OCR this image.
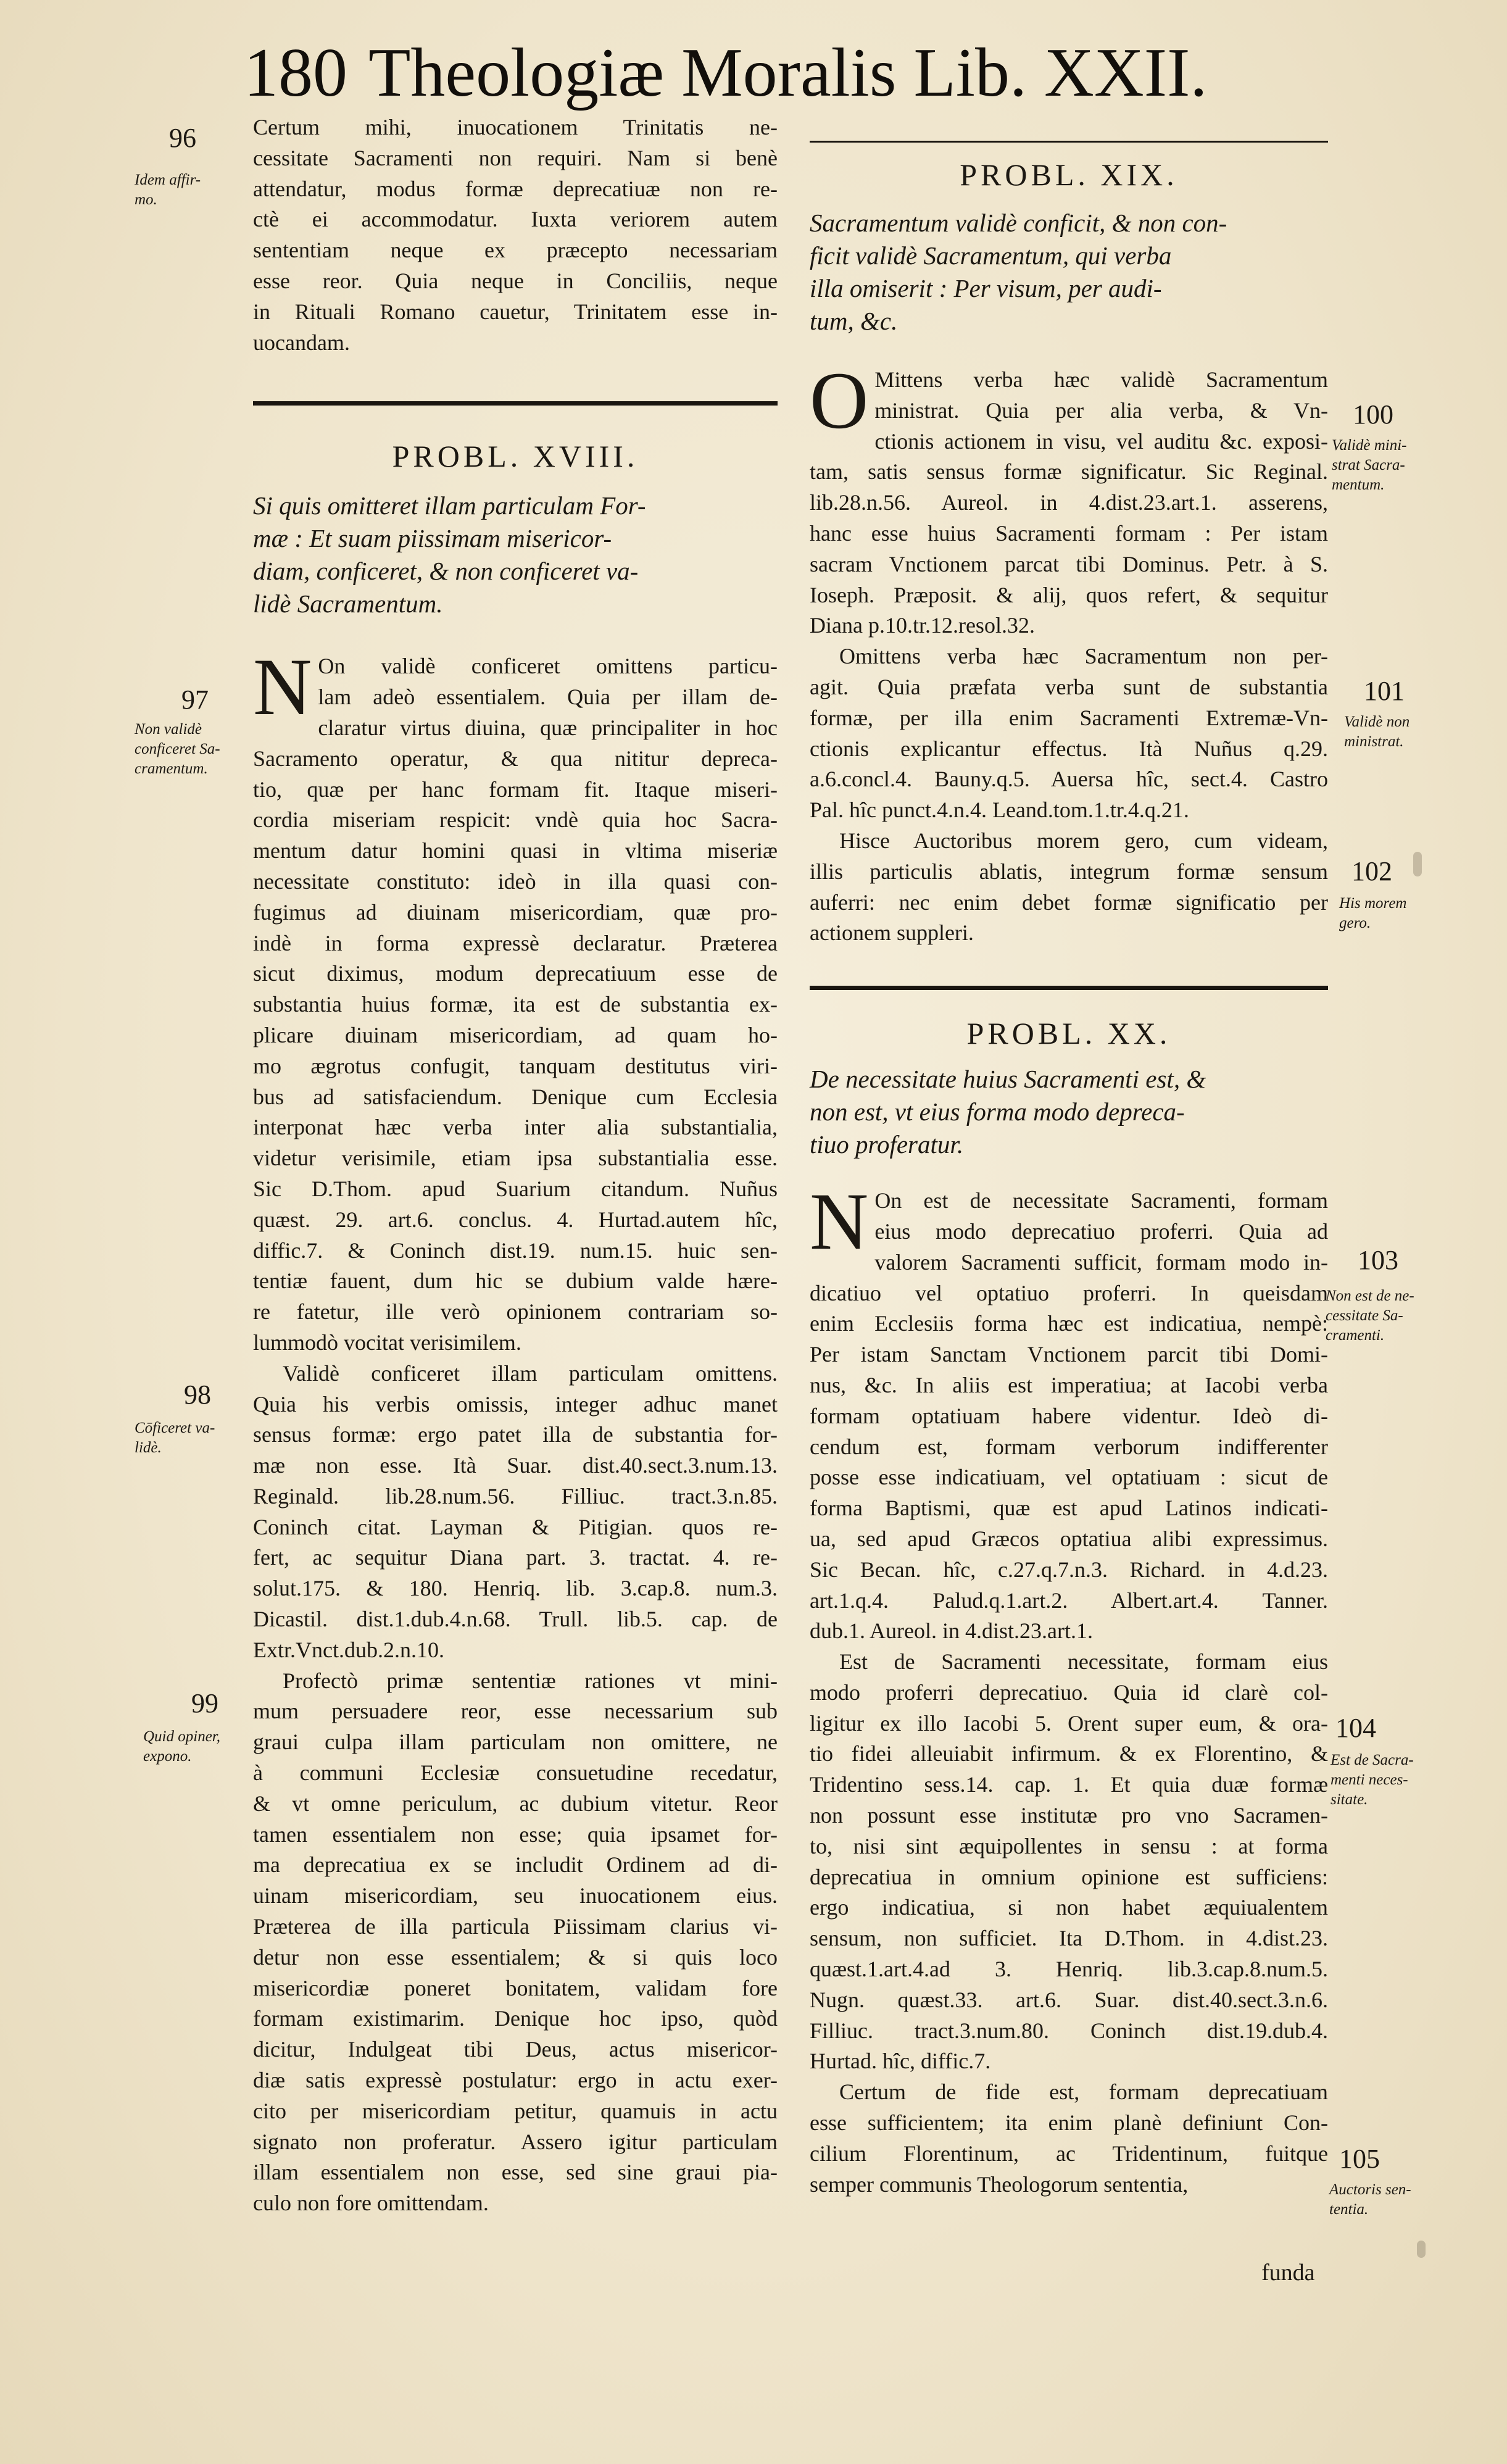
180 Theologiæ Moralis Lib. XXII.
Certum mihi, inuocationem Trinitatis ne-
cessitate Sacramenti non requiri. Nam si benè
attendatur, modus formæ deprecatiuæ non re-
ctè ei accommodatur. Iuxta veriorem autem
sententiam neque ex præcepto necessariam
esse reor. Quia neque in Conciliis, neque
in Rituali Romano cauetur, Trinitatem esse in-
uocandam.
PROBL. XVIII.
Si quis omitteret illam particulam For-
mæ : Et suam piissimam misericor-
diam, conficeret, & non conficeret va-
lidè Sacramentum.
N On validè conficeret omittens particu-
lam adeò essentialem. Quia per illam de-
claratur virtus diuina, quæ principaliter in hoc
Sacramento operatur, & qua nititur depreca-
tio, quæ per hanc formam fit. Itaque miseri-
cordia miseriam respicit: vndè quia hoc Sacra-
mentum datur homini quasi in vltima miseriæ
necessitate constituto: ideò in illa quasi con-
fugimus ad diuinam misericordiam, quæ pro-
indè in forma expressè declaratur. Præterea
sicut diximus, modum deprecatiuum esse de
substantia huius formæ, ita est de substantia ex-
plicare diuinam misericordiam, ad quam ho-
mo ægrotus confugit, tanquam destitutus viri-
bus ad satisfaciendum. Denique cum Ecclesia
interponat hæc verba inter alia substantialia,
videtur verisimile, etiam ipsa substantialia esse.
Sic D.Thom. apud Suarium citandum. Nuñus
quæst. 29. art.6. conclus. 4. Hurtad.autem hîc,
diffic.7. & Coninch dist.19. num.15. huic sen-
tentiæ fauent, dum hic se dubium valde hære-
re fatetur, ille verò opinionem contrariam so-
lummodò vocitat verisimilem.
Validè conficeret illam particulam omittens.
Quia his verbis omissis, integer adhuc manet
sensus formæ: ergo patet illa de substantia for-
mæ non esse. Ità Suar. dist.40.sect.3.num.13.
Reginald. lib.28.num.56. Filliuc. tract.3.n.85.
Coninch citat. Layman & Pitigian. quos re-
fert, ac sequitur Diana part. 3. tractat. 4. re-
solut.175. & 180. Henriq. lib. 3.cap.8. num.3.
Dicastil. dist.1.dub.4.n.68. Trull. lib.5. cap. de
Extr.Vnct.dub.2.n.10.
Profectò primæ sententiæ rationes vt mini-
mum persuadere reor, esse necessarium sub
graui culpa illam particulam non omittere, ne
à communi Ecclesiæ consuetudine recedatur,
& vt omne periculum, ac dubium vitetur. Reor
tamen essentialem non esse; quia ipsamet for-
ma deprecatiua ex se includit Ordinem ad di-
uinam misericordiam, seu inuocationem eius.
Præterea de illa particula Piissimam clarius vi-
detur non esse essentialem; & si quis loco
misericordiæ poneret bonitatem, validam fore
formam existimarim. Denique hoc ipso, quòd
dicitur, Indulgeat tibi Deus, actus misericor-
diæ satis expressè postulatur: ergo in actu exer-
cito per misericordiam petitur, quamuis in actu
signato non proferatur. Assero igitur particulam
illam essentialem non esse, sed sine graui pia-
culo non fore omittendam.
PROBL. XIX.
Sacramentum validè conficit, & non con-
ficit validè Sacramentum, qui verba
illa omiserit : Per visum, per audi-
tum, &c.
O Mittens verba hæc validè Sacramentum
ministrat. Quia per alia verba, & Vn-
ctionis actionem in visu, vel auditu &c. exposi-
tam, satis sensus formæ significatur. Sic Reginal.
lib.28.n.56. Aureol. in 4.dist.23.art.1. asserens,
hanc esse huius Sacramenti formam : Per istam
sacram Vnctionem parcat tibi Dominus. Petr. à S.
Ioseph. Præposit. & alij, quos refert, & sequitur
Diana p.10.tr.12.resol.32.
Omittens verba hæc Sacramentum non per-
agit. Quia præfata verba sunt de substantia
formæ, per illa enim Sacramenti Extremæ-Vn-
ctionis explicantur effectus. Ità Nuñus q.29.
a.6.concl.4. Bauny.q.5. Auersa hîc, sect.4. Castro
Pal. hîc punct.4.n.4. Leand.tom.1.tr.4.q.21.
Hisce Auctoribus morem gero, cum videam,
illis particulis ablatis, integrum formæ sensum
auferri: nec enim debet formæ significatio per
actionem suppleri.
PROBL. XX.
De necessitate huius Sacramenti est, &
non est, vt eius forma modo depreca-
tiuo proferatur.
N On est de necessitate Sacramenti, formam
eius modo deprecatiuo proferri. Quia ad
valorem Sacramenti sufficit, formam modo in-
dicatiuo vel optatiuo proferri. In queisdam
enim Ecclesiis forma hæc est indicatiua, nempè:
Per istam Sanctam Vnctionem parcit tibi Domi-
nus, &c. In aliis est imperatiua; at Iacobi verba
formam optatiuam habere videntur. Ideò di-
cendum est, formam verborum indifferenter
posse esse indicatiuam, vel optatiuam : sicut de
forma Baptismi, quæ est apud Latinos indicati-
ua, sed apud Græcos optatiua alibi expressimus.
Sic Becan. hîc, c.27.q.7.n.3. Richard. in 4.d.23.
art.1.q.4. Palud.q.1.art.2. Albert.art.4. Tanner.
dub.1. Aureol. in 4.dist.23.art.1.
Est de Sacramenti necessitate, formam eius
modo proferri deprecatiuo. Quia id clarè col-
ligitur ex illo Iacobi 5. Orent super eum, & ora-
tio fidei alleuiabit infirmum. & ex Florentino, &
Tridentino sess.14. cap. 1. Et quia duæ formæ
non possunt esse institutæ pro vno Sacramen-
to, nisi sint æquipollentes in sensu : at forma
deprecatiua in omnium opinione est sufficiens:
ergo indicatiua, si non habet æquiualentem
sensum, non sufficiet. Ita D.Thom. in 4.dist.23.
quæst.1.art.4.ad 3. Henriq. lib.3.cap.8.num.5.
Nugn. quæst.33. art.6. Suar. dist.40.sect.3.n.6.
Filliuc. tract.3.num.80. Coninch dist.19.dub.4.
Hurtad. hîc, diffic.7.
Certum de fide est, formam deprecatiuam
esse sufficientem; ita enim planè definiunt Con-
cilium Florentinum, ac Tridentinum, fuitque
semper communis Theologorum sententia,
funda
96
Idem affir-
mo.
97
Non validè
conficeret Sa-
cramentum.
98
Cōficeret va-
lidè.
99
Quid opiner,
expono.
100
Validè mini-
strat Sacra-
mentum.
101
Validè non
ministrat.
102
His morem
gero.
103
Non est de ne-
cessitate Sa-
cramenti.
104
Est de Sacra-
menti neces-
sitate.
105
Auctoris sen-
tentia.
